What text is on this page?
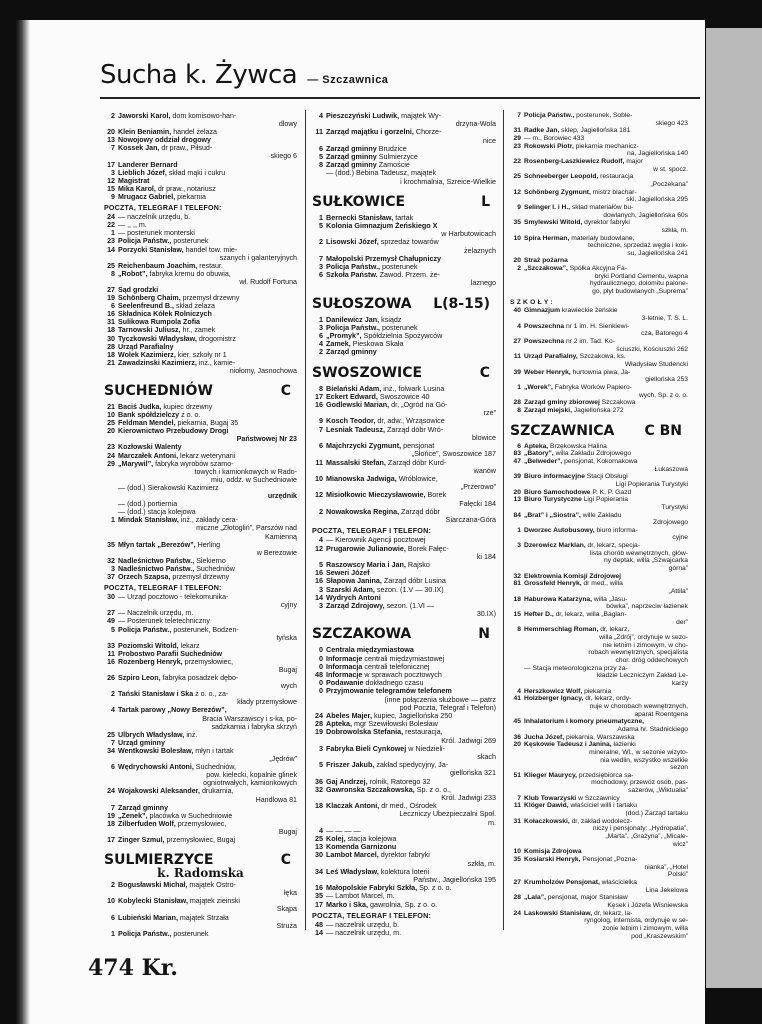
Sucha k. Żywca — Szczawnica
2 Jaworski Karol, dom komisowo-han-
dlowy
20 Klein Beniamin, handel żelaza
13 Nowojowy oddział drogowy
7 Kossek Jan, dr praw., Piłsud-
skiego 6
17 Landerer Bernard
3 Lieblich Józef, skład mąki i cukru
12 Magistrat
15 Mika Karol, dr praw., notariusz
9 Mrugacz Gabriel, piekarnia
POCZTA, TELEGRAF I TELEFON:
24 — naczelnik urzędu, b.
22 — ,, ,, m.
1 — posterunek monterski
23 Policja Państw., posterunek
14 Porzycki Stanisław, handel tow. mie-
szanych i galanteryjnych
25 Reichenbaum Joachim, restaur.
8 „Robot”, fabryka kremu do obuwia,
wł. Rudolf Fortuna
27 Sąd grodzki
19 Schönberg Chaim, przemysł drzewny
6 Seelenfreund B., skład żelaza
16 Składnica Kółek Rolniczych
31 Sulikowa Rumpola Zofia
18 Tarnowski Juliusz, hr., zamek
30 Tyczkowski Władysław, drogomistrz
28 Urząd Parafialny
18 Wolek Kazimierz, kier. szkoły nr 1
21 Zawadzinski Kazimierz, inż., kamie-
niołomy, Jasnochowa
SUCHEDNIÓW	C
21 Baciś Judka, kupiec drzewny
10 Bank spółdzielczy z o. o.
25 Feldman Mendel, piekarnia, Bugaj 35
20 Kierownictwo Przebudowy Drogi
Państwowej Nr 23
23 Kozłowski Walenty
24 Marczałek Antoni, lekarz weterynarii
29 „Marywil”, fabryka wyrobów szamo-
towych i kamionkowych w Rado-
miu, oddz. w Suchedniowie
— (dod.) Sierakowski Kazimierz
urzędnik
— (dod.) portiernia
— (dod.) stacja kolejowa
1 Mindak Stanisław, inż., zakłady cera-
miczne „Złotogliń”, Parszów nad
Kamienną
35 Młyn tartak „Berezów”, Herling
w Berezowie
32 Nadleśnictwo Państw., Siekierno
3 Nadleśnictwo Państw., Suchedniów
37 Orzech Szapsa, przemysł drzewny
POCZTA, TELEGRAF I TELEFON:
30 — Urząd pocztowo - telekomunika-
cyjny
27 — Naczelnik urzędu, m.
49 — Posterunek teletechniczny
5 Policja Państw., posterunek, Bodzen-
tyńska
33 Poziomski Witold, lekarz
11 Probostwo Parafii Suchedniów
16 Rozenberg Henryk, przemysłowiec,
Bugaj
26 Szpiro Leon, fabryka posadzek dębo-
wych
2 Tański Stanisław i Ska z o. o., za-
kłady przemysłowe
4 Tartak parowy „Nowy Berezów”,
Bracia Warszawscy i s-ka, po-
sadzkarnia i fabryka skrzyń
25 Ulbrych Władysław, inż.
7 Urząd gminny
34 Wentkowski Bolesław, młyn i tartak
„Jędrów”
6 Wędrychowski Antoni, Suchedniów,
pow. kielecki, kopalnie glinek
ogniotrwałych, kamionkowych
24 Wojakowski Aleksander, drukarnia,
Handlowa 81
7 Zarząd gminny
19 „Zenek”, placówka w Suchedniowie
18 Zilberfuden Wolf, przemysłowiec,
Bugaj
17 Zinger Szmul, przemysłowiec, Bugaj
SULMIERZYCE	C
k. Radomska
2 Bogusławski Michał, majątek Ostro-
łęka
10 Kobylecki Stanisław, majątek zieinski
Skąpa
6 Lubieński Marian, majątek Strzała
Struża
1 Policja Państw., posterunek
4 Pieszczyński Ludwik, majątek Wy-
drzyna-Wola
11 Zarząd majątku i gorzelni, Chorze-
nice
6 Zarząd gminny Brudzice
5 Zarząd gminny Sulmierzyce
8 Zarząd gminny Zamoście
— (dod.) Bebina Tadeusz, majątek
i krochmalnia, Szreice-Wielkie
SUŁKOWICE	L
1 Bernecki Stanisław, tartak
5 Kolonia Gimnazjum Żeńskiego X
w Harbutowicach
2 Lisowski Józef, sprzedaż towarów
żelaznych
7 Małopolski Przemysł Chałupniczy
3 Policja Państw., posterunek
6 Szkoła Państw. Zawod. Przem. że-
laznego
SUŁOSZOWA L(8-15)
1 Danilewicz Jan, ksiądz
3 Policja Państw., posterunek
6 „Promyk”, Spółdzielnia Spożywców
4 Zamek, Pieskowa Skała
2 Zarząd gminny
SWOSZOWICE	C
8 Bielański Adam, inż., folwark Lusina
17 Eckert Edward, Swoszowice 40
16 Godlewski Marian, dr, „Ogród na Gó-
rze”
9 Kosch Teodor, dr, adw., Wrząsowice
7 Lesniak Tadeusz, Zarząd dóbr Wró-
blowice
6 Majchrzycki Zygmunt, pensjonat
„Słońce”, Swoszowice 187
11 Massalski Stefan, Zarząd dóbr Kurd-
wanów
10 Mianowska Jadwiga, Wróblowice,
„Przerowo”
12 Misiołkowic Mieczysławowie, Borek
Fałęcki 184
2 Nowakowska Regina, Zarząd dóbr
Siarczana-Góra
POCZTA, TELEGRAF I TELEFON:
4 — Kierownik Agencji pocztowej
12 Prugarowie Julianowie, Borek Fałęc-
ki 184
5 Raszowscy Maria i Jan, Rajsko
16 Seweri Józef
16 Słapowa Janina, Zarząd dóbr Lusina
3 Szarski Adam, sezon. (1.V — 30.IX)
14 Wydrych Antoni
3 Zarząd Zdrojowy, sezon. (1.VI —
30.IX)
SZCZAKOWA	N
0 Centrala międzymiastowa
0 Informacje centrali międzymiastowej
0 Informacja centrali telefonicznej
48 Informacje w sprawach pocztowych
0 Podawanie dokładnego czasu
0 Przyjmowanie telegramów telefonem
(inne połączenia służbowe — patrz
pod Poczta, Telegraf i Telefon)
24 Abeles Majer, kupiec, Jagiellońska 250
28 Apteka, mgr Szewiłowski Bolesław
19 Dobrowolska Stefania, restauracja,
Król. Jadwigi 269
3 Fabryka Bieli Cynkowej w Niedzieli-
skach
5 Friszer Jakub, zakład spedycyjny, Ja-
giellońska 321
36 Gaj Andrzej, rolnik, Ratorego 32
32 Gawronska Szczakowska, Sp. z o. o.,
Król. Jadwigi 233
18 Klaczak Antoni, dr med., Ośrodek
Leczniczy Ubezpieczalni Społ.
m.
4 — — — —
25 Kolej, stacja kolejowa
13 Komenda Garnizonu
30 Lambot Marcel, dyrektor fabryki
szkła, m.
34 Leś Władysław, kolektura loterii
Państw., Jagiellońska 195
16 Małopolskie Fabryki Szkła, Sp. z o. o.
35 — Lambot Marcel, m.
17 Marko i Ska, gawrolnia, Sp. z o. o.
POCZTA, TELEGRAF I TELEFON:
48 — naczelnik urzędu, b.
14 — naczelnik urzędu, m.
7 Policja Państw., posterunek, Soble-
skiego 423
31 Radke Jan, sklep, Jagiellońska 181
29 — m., Borowiec 433
23 Rokowski Piotr, piekarnia mechanicz-
na, Jagiellońska 140
22 Rosenberg-Laszkiewicz Rudolf, major
w st. spocz.
25 Schneeberger Leopold, restauracja
„Poczekana”
12 Schönberg Zygmunt, mistrz blachar-
ski, Jagiellońska 295
9 Selinger I. i H., skład materiałów bu-
dowlanych, Jagiellońska 60s
35 Smylewski Witold, dyrektor fabryki
szkła, m.
10 Spira Herman, materiały budowlane,
techniczne, sprzedaż węgla i kok-
su, Jagiellońska 241
20 Straż pożarna
2 „Szczakowa”, Spółka Akcyjna Fa-
bryki Portland Cementu, wapna
hydraulicznego, dolomitu palone-
go, płyt budowlanych „Suprema”
S Z K O Ł Y :
40 Gimnazjum krawieckie żeńskie
3-letnie, T. S. L.
4 Powszechna nr 1 im. H. Sienkiewi-
cza, Batorego 4
27 Powszechna nr 2 im. Tad. Ko-
ściuszki, Kościuszki 262
11 Urząd Parafialny, Szczakowa, ks.
Władysław Studencki
39 Weber Henryk, hurtownia piwa, Ja-
giellońska 253
1 „Worek”, Fabryka Worków Papiero-
wych, Sp. z o. o.
28 Zarząd gminy zbiorowej Szczakowa
8 Zarząd miejski, Jagiellońska 272
SZCZAWNICA C BN
6 Apteka, Brzękowska Halina
83 „Batory”, willa Zakładu Zdrojowego
47 „Belweder”, pensjonat, Kokornakowa
Łukaszowa
39 Biuro informacyjne Stacji Obsługi
Ligi Popierania Turystyki
20 Biuro Samochodowe P. K. P. Gazd
13 Biuro Turystyczne Ligi Popierania
Turystyki
84 „Brat” i „Siostra”, wille Zakładu
Zdrojowego
1 Dworzec Autobusowy, biuro informa-
cyjne
3 Dzerowicz Marklan, dr, lekarz, specja-
lista chorób wewnętrznych, głów-
ny deptak, willa „Szwajcarka
górna”
32 Elektrownia Komisji Zdrojowej
81 Grossfeld Henryk, dr med., willa
„Attila”
18 Haburowa Katarzyna, willa „Jasu-
bówka”, naprzeciw łazienek
15 Hefter D., dr, lekarz, willa „Baglan-
der”
8 Hemmerschlag Roman, dr, lekarz,
willa „Zdrój”, ordynuje w sezo-
nie letnim i zimowym, w cho-
robach wewnętrznych, specjalista
chor. dróg oddechowych
— Stacja meteorologiczna przy za-
kładzie Leczniczym Zakład Le-
karzy
4 Herszkowicz Wolf, piekarnia
41 Holzberger Ignacy, dr, lekarz, ordy-
nuje w chorobach wewnętrznych,
aparat Roentgena
45 Inhalatorium i komory pneumatyczne,
Adama hr. Stadnickiego
36 Jucha Józef, piekarnia, Warszawska
20 Kęskowie Tadeusz i Janina, łazienki
mineralne, Wl., w sezonie wizyto-
nia wedlin, wszystko wszelkie
sezon
51 Klieger Maurycy, przedsiębiorca sa-
mochodowy, przewóz osób, pas-
sażerów, „Wiktualia”
7 Klub Towarzyski w Szczawnicy
11 Klöger Dawid, właściciel willi i tartaku
(dod.) Zarząd tartaku
31 Kołaczkowski, dr, zakład wodolecz-
niczy i pensjonaty: „Hydropatia”,
„Marta”, „Grażyna”, „Micale-
wicz”
10 Komisja Zdrojowa
35 Kosiarski Henryk, Pensjonat „Pozna-
nianka”, „Hotel
Polski”
27 Krumholzów Pensjonat, właścicielka
Lina Jekelowa
28 „Lala”, pensjonat, major Stanisław
Kęsek i Józefa Wisniewska
24 Laskowski Stanisław, dr, lekarz, la-
ryngolog, internista, ordynuje w se-
zonie letnim i zimowym, willa
pod „Kraszewskim”
474 Kr.
